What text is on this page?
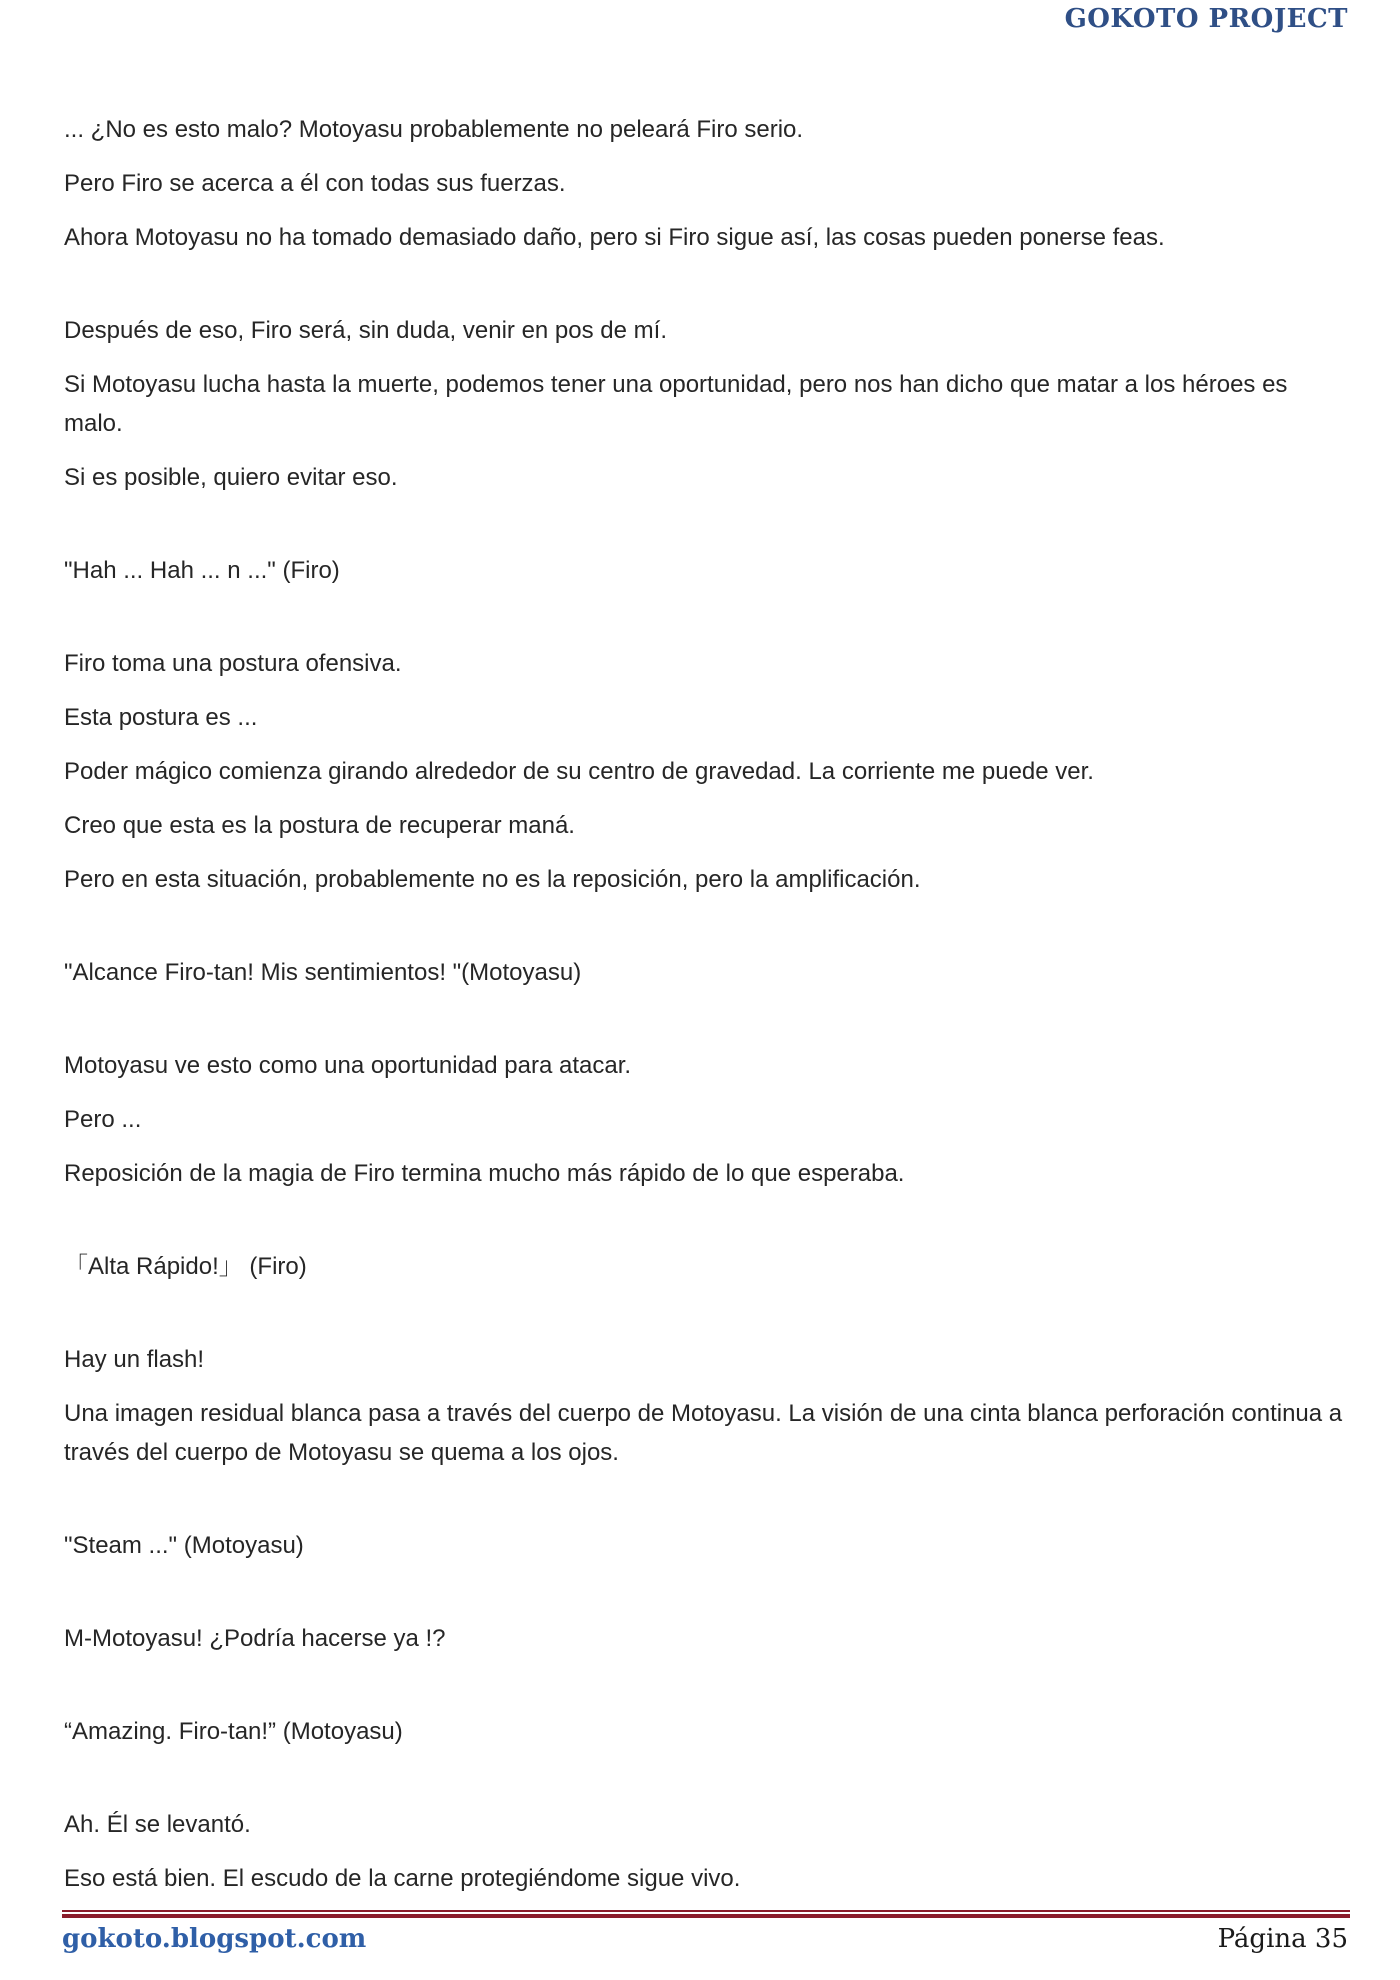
GOKOTO PROJECT

... ¿No es esto malo? Motoyasu probablemente no peleará Firo serio.

Pero Firo se acerca a él con todas sus fuerzas.

Ahora Motoyasu no ha tomado demasiado daño, pero si Firo sigue así, las cosas pueden ponerse feas.

Después de eso, Firo será, sin duda, venir en pos de mí.

Si Motoyasu lucha hasta la muerte, podemos tener una oportunidad, pero nos han dicho que matar a los héroes es malo.

Si es posible, quiero evitar eso.

"Hah ... Hah ... n ..." (Firo)

Firo toma una postura ofensiva.

Esta postura es ...

Poder mágico comienza girando alrededor de su centro de gravedad. La corriente me puede ver.

Creo que esta es la postura de recuperar maná.

Pero en esta situación, probablemente no es la reposición, pero la amplificación.

"Alcance Firo-tan! Mis sentimientos! "(Motoyasu)

Motoyasu ve esto como una oportunidad para atacar.

Pero ...

Reposición de la magia de Firo termina mucho más rápido de lo que esperaba.

「Alta Rápido!」 (Firo)

Hay un flash!

Una imagen residual blanca pasa a través del cuerpo de Motoyasu. La visión de una cinta blanca perforación continua a través del cuerpo de Motoyasu se quema a los ojos.

"Steam ..." (Motoyasu)

M-Motoyasu! ¿Podría hacerse ya !?

“Amazing. Firo-tan!” (Motoyasu)

Ah. Él se levantó.

Eso está bien. El escudo de la carne protegiéndome sigue vivo.

gokoto.blogspot.com	Página 35
